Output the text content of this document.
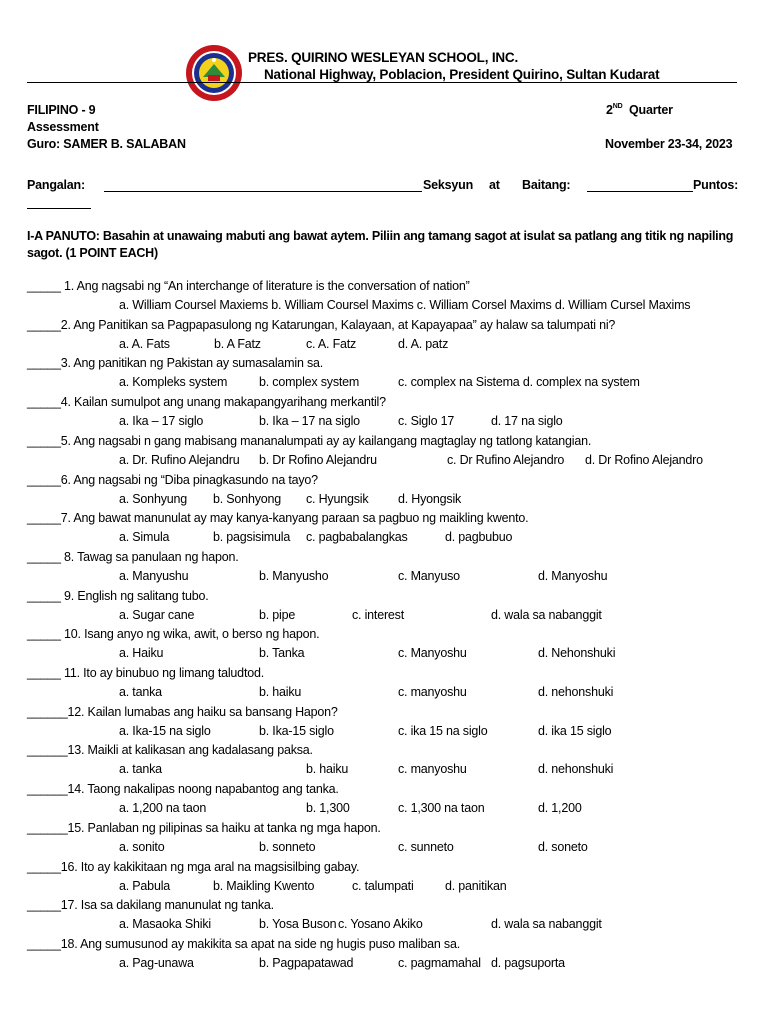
PRES. QUIRINO WESLEYAN SCHOOL, INC.
National Highway, Poblacion, President Quirino, Sultan Kudarat
FILIPINO - 9
Assessment
Guro: SAMER B. SALABAN
2ND Quarter
November 23-34, 2023
Pangalan:	Seksyun at Baitang:	Puntos:
I-A PANUTO: Basahin at unawaing mabuti ang bawat aytem. Piliin ang tamang sagot at isulat sa patlang ang titik ng napiling sagot. (1 POINT EACH)
_____ 1. Ang nagsabi ng “An interchange of literature is the conversation of nation”
a. William Coursel Maxiems b. William Coursel Maxims c. William Corsel Maxims d. William Cursel Maxims
_____2. Ang Panitikan sa Pagpapasulong ng Katarungan, Kalayaan, at Kapayapaa” ay halaw sa talumpati ni?
a. A. Fats	b. A Fatz	c. A. Fatz	d. A. patz
_____3. Ang panitikan ng Pakistan ay sumasalamin sa.
a. Kompleks system	b. complex system	c. complex na Sistema d. complex na system
_____4. Kailan sumulpot ang unang makapangyarihang merkantil?
a. Ika – 17 siglo	b. Ika – 17 na siglo	c. Siglo 17	d. 17 na siglo
_____5. Ang nagsabi n gang mabisang mananalumpati ay ay kailangang magtaglay ng tatlong katangian.
a. Dr. Rufino Alejandru b. Dr Rofino Alejandru	c. Dr Rufino Alejandro d. Dr Rofino Alejandro
_____6. Ang nagsabi ng “Diba pinagkasundo na tayo?
a. Sonhyung b. Sonhyong c. Hyungsik d. Hyongsik
_____7. Ang bawat manunulat ay may kanya-kanyang paraan sa pagbuo ng maikling kwento.
a. Simula	b. pagsisimula c. pagbabalangkas	d. pagbubuo
_____ 8. Tawag sa panulaan ng hapon.
a. Manyushu	b. Manyusho	c. Manyuso	d. Manyoshu
_____ 9. English ng salitang tubo.
a. Sugar cane	b. pipe	c. interest	d. wala sa nabanggit
_____ 10. Isang anyo ng wika, awit, o berso ng hapon.
a. Haiku	b. Tanka	c. Manyoshu	d. Nehonshuki
_____ 11. Ito ay binubuo ng limang taludtod.
a. tanka	b. haiku	c. manyoshu	d. nehonshuki
______12. Kailan lumabas ang haiku sa bansang Hapon?
a. Ika-15 na siglo	b. Ika-15 siglo	c. ika 15 na siglo	d. ika 15 siglo
______13. Maikli at kalikasan ang kadalasang paksa.
a. tanka	b. haiku	c. manyoshu	d. nehonshuki
______14. Taong nakalipas noong napabantog ang tanka.
a. 1,200 na taon	b. 1,300	c. 1,300 na taon	d. 1,200
______15. Panlaban ng pilipinas sa haiku at tanka ng mga hapon.
a. sonito	b. sonneto	c. sunneto	d. soneto
_____16. Ito ay kakikitaan ng mga aral na magsisilbing gabay.
a. Pabula	b. Maikling Kwento	c. talumpati	d. panitikan
_____17. Isa sa dakilang manunulat ng tanka.
a. Masaoka Shiki	b. Yosa Buson c. Yosano Akiko	d. wala sa nabanggit
_____18. Ang sumusunod ay makikita sa apat na side ng hugis puso maliban sa.
a. Pag-unawa	b. Pagpapatawad	c. pagmamahal d. pagsuporta
